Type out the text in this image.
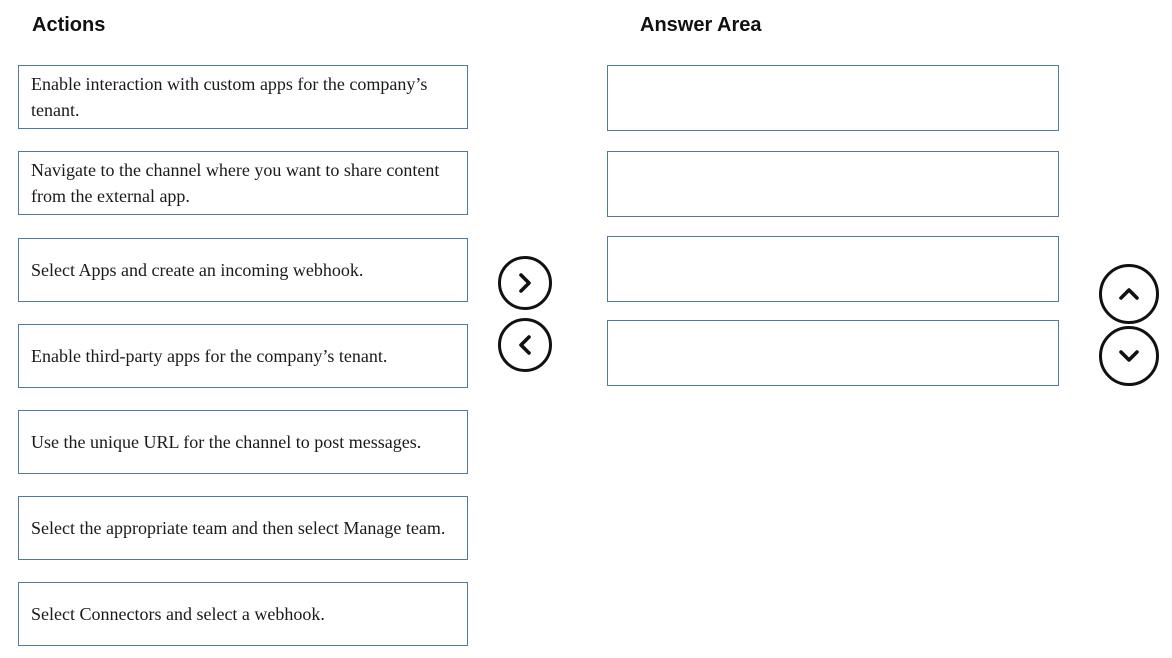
Actions	Answer Area
Enable interaction with custom apps for the company’s tenant.
Navigate to the channel where you want to share content from the external app.
Select Apps and create an incoming webhook.
Enable third-party apps for the company’s tenant.
Use the unique URL for the channel to post messages.
Select the appropriate team and then select Manage team.
Select Connectors and select a webhook.
